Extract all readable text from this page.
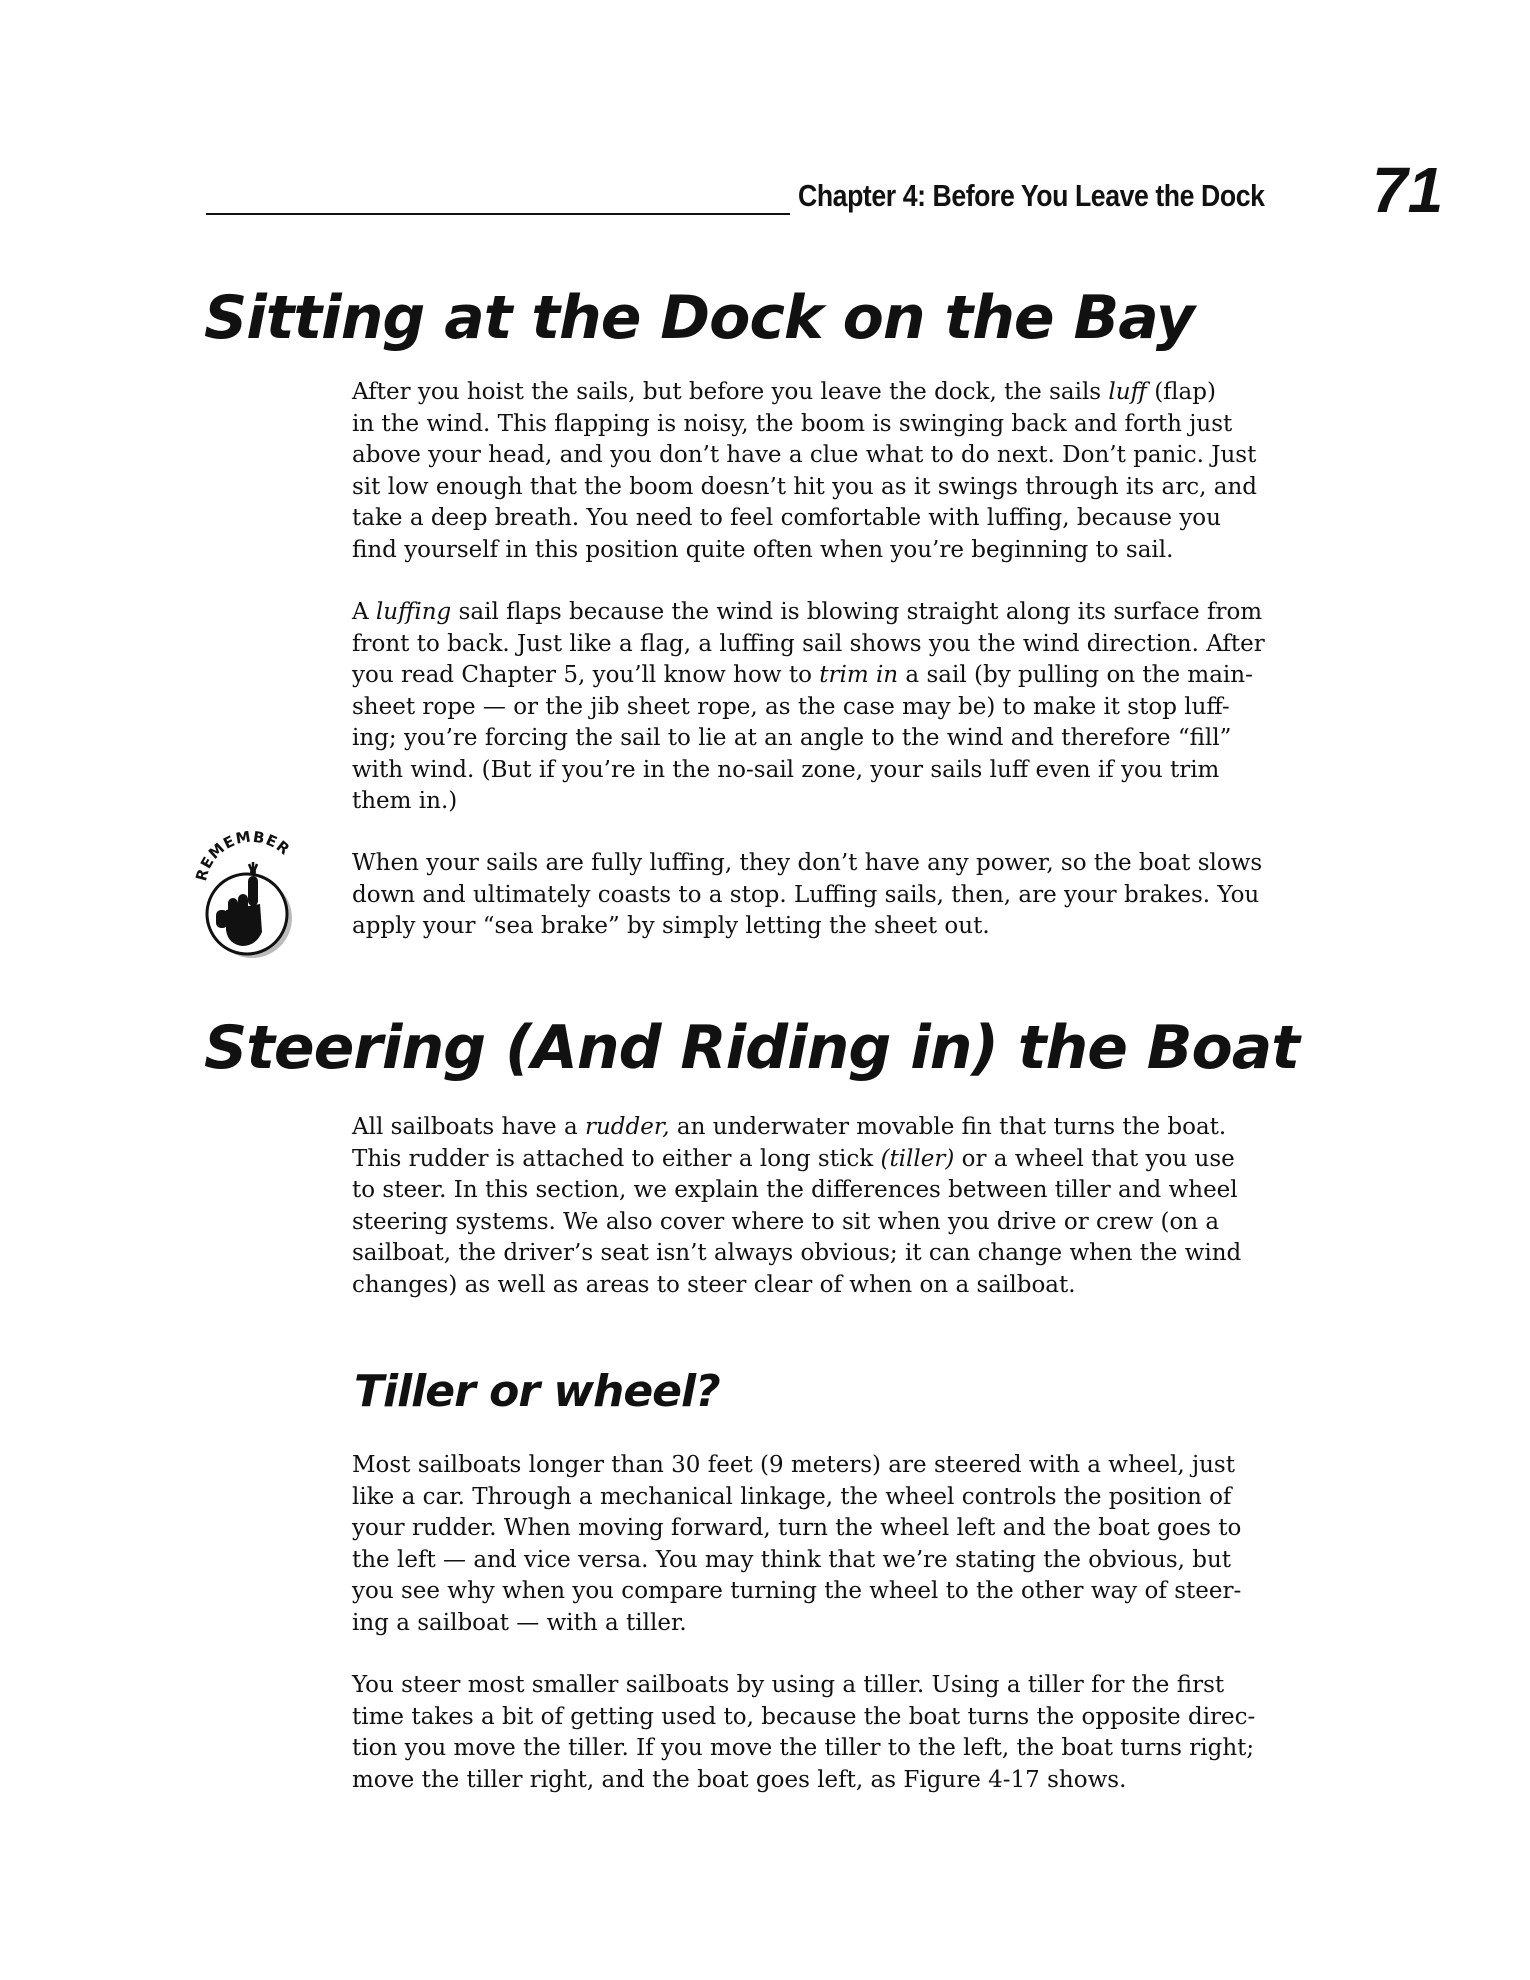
Chapter 4: Before You Leave the Dock 71
Sitting at the Dock on the Bay
After you hoist the sails, but before you leave the dock, the sails luff (flap)
in the wind. This flapping is noisy, the boom is swinging back and forth just
above your head, and you don’t have a clue what to do next. Don’t panic. Just
sit low enough that the boom doesn’t hit you as it swings through its arc, and
take a deep breath. You need to feel comfortable with luffing, because you
find yourself in this position quite often when you’re beginning to sail.
A luffing sail flaps because the wind is blowing straight along its surface from
front to back. Just like a flag, a luffing sail shows you the wind direction. After
you read Chapter 5, you’ll know how to trim in a sail (by pulling on the main-
sheet rope — or the jib sheet rope, as the case may be) to make it stop luff-
ing; you’re forcing the sail to lie at an angle to the wind and therefore “fill”
with wind. (But if you’re in the no-sail zone, your sails luff even if you trim
them in.)
REMEMBER
When your sails are fully luffing, they don’t have any power, so the boat slows
down and ultimately coasts to a stop. Luffing sails, then, are your brakes. You
apply your “sea brake” by simply letting the sheet out.
Steering (And Riding in) the Boat
All sailboats have a rudder, an underwater movable fin that turns the boat.
This rudder is attached to either a long stick (tiller) or a wheel that you use
to steer. In this section, we explain the differences between tiller and wheel
steering systems. We also cover where to sit when you drive or crew (on a
sailboat, the driver’s seat isn’t always obvious; it can change when the wind
changes) as well as areas to steer clear of when on a sailboat.
Tiller or wheel?
Most sailboats longer than 30 feet (9 meters) are steered with a wheel, just
like a car. Through a mechanical linkage, the wheel controls the position of
your rudder. When moving forward, turn the wheel left and the boat goes to
the left — and vice versa. You may think that we’re stating the obvious, but
you see why when you compare turning the wheel to the other way of steer-
ing a sailboat — with a tiller.
You steer most smaller sailboats by using a tiller. Using a tiller for the first
time takes a bit of getting used to, because the boat turns the opposite direc-
tion you move the tiller. If you move the tiller to the left, the boat turns right;
move the tiller right, and the boat goes left, as Figure 4-17 shows.
